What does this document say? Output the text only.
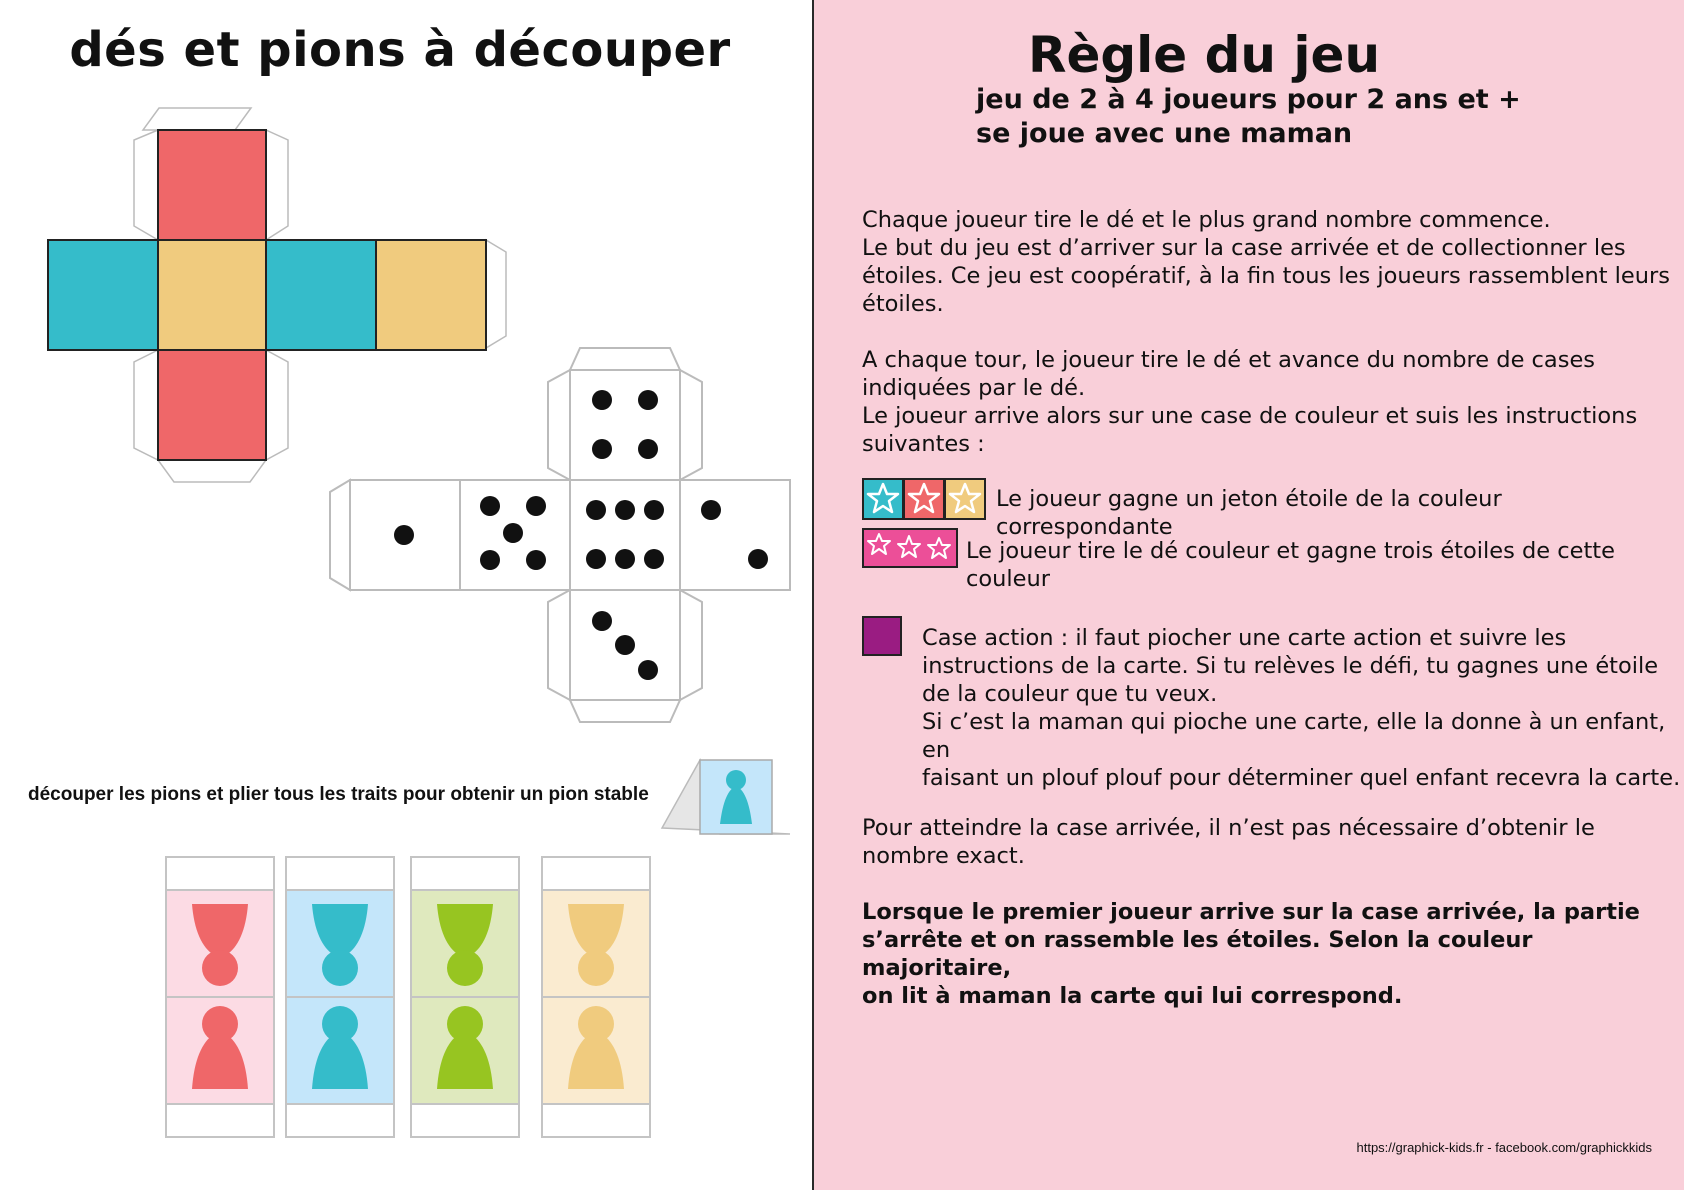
dés et pions à découper
découper les pions et plier tous les traits pour obtenir un pion stable
Règle du jeu
jeu de 2 à 4 joueurs pour 2 ans et +
se joue avec une maman

Chaque joueur tire le dé et le plus grand nombre commence.

Le but du jeu est d’arriver sur la case arrivée et de collectionner les

étoiles. Ce jeu est coopératif, à la fin tous les joueurs rassemblent leurs

étoiles.

A chaque tour, le joueur tire le dé et avance du nombre de cases

indiquées par le dé.

Le joueur arrive alors sur une case de couleur et suis les instructions

suivantes :

Le joueur gagne un jeton étoile de la couleur correspondante
Le joueur tire le dé couleur et gagne trois étoiles de cette
couleur
Case action : il faut piocher une carte action et suivre les
instructions de la carte. Si tu relèves le défi, tu gagnes une étoile
de la couleur que tu veux.
Si c’est la maman qui pioche une carte, elle la donne à un enfant, en
faisant un plouf plouf pour déterminer quel enfant recevra la carte.

Pour atteindre la case arrivée, il n’est pas nécessaire d’obtenir le

nombre exact.

Lorsque le premier joueur arrive sur la case arrivée, la partie

s’arrête et on rassemble les étoiles. Selon la couleur majoritaire,

on lit à maman la carte qui lui correspond.

https://graphick-kids.fr - facebook.com/graphickkids
